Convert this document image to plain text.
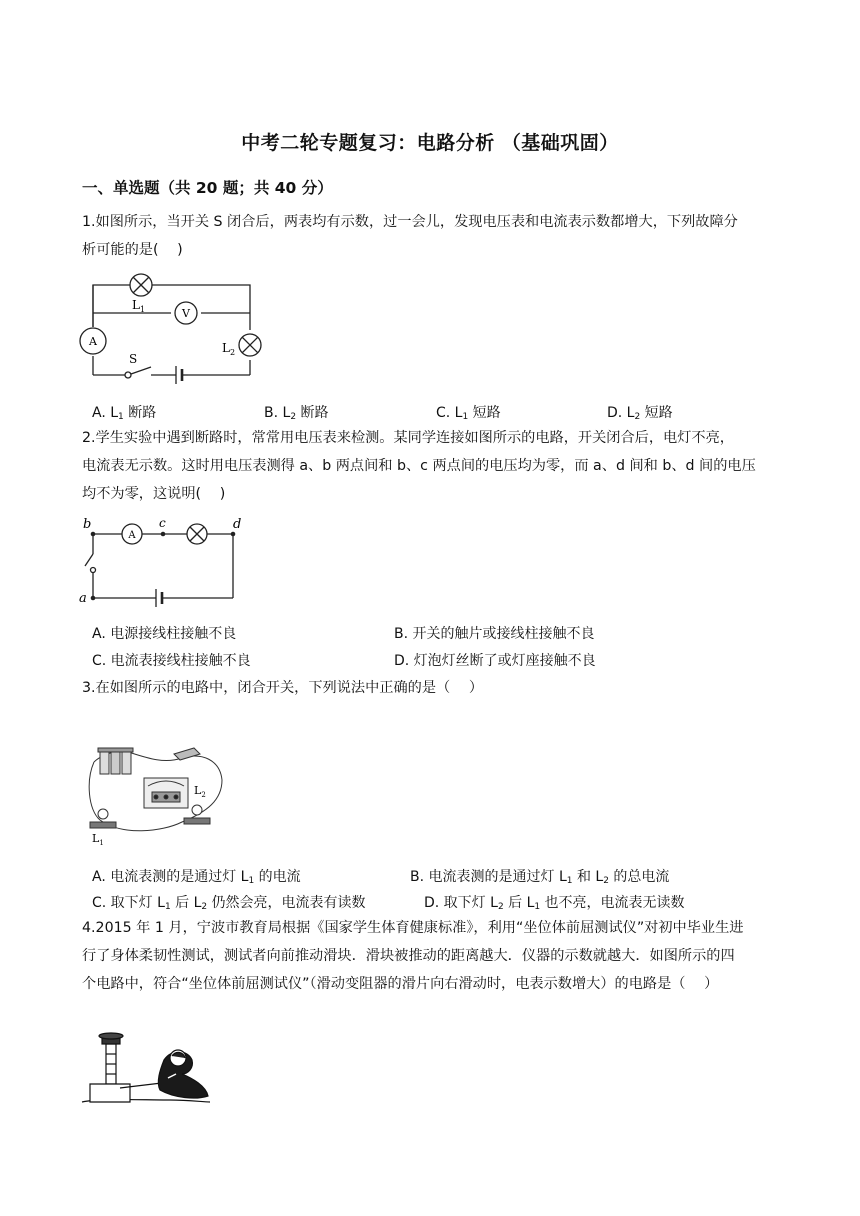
中考二轮专题复习：电路分析 （基础巩固）
一、单选题（共 20 题；共 40 分）
1.如图所示，当开关 S 闭合后，两表均有示数，过一会儿，发现电压表和电流表示数都增大，下列故障分
析可能的是(　 )
$L_1$	V
A	$L_2$
S
A. $L_1$ 断路	B. $L_2$ 断路	C. $L_1$ 短路	D. $L_2$ 短路
2.学生实验中遇到断路时，常常用电压表来检测。某同学连接如图所示的电路，开关闭合后，电灯不亮，
电流表无示数。这时用电压表测得 a、b 两点间和 b、c 两点间的电压均为零，而 a、d 间和 b、d 间的电压
均不为零，这说明(　 )
b
A
c	d
a
A. 电源接线柱接触不良	B. 开关的触片或接线柱接触不良
C. 电流表接线柱接触不良	D. 灯泡灯丝断了或灯座接触不良
3.在如图所示的电路中，闭合开关，下列说法中正确的是（　 ）
$L_2$
$L_1$
A. 电流表测的是通过灯 $L_1$ 的电流	B. 电流表测的是通过灯 $L_1$ 和 $L_2$ 的总电流
C. 取下灯 $L_1$ 后 $L_2$ 仍然会亮，电流表有读数	D. 取下灯 $L_2$ 后 $L_1$ 也不亮，电流表无读数
4.2015 年 1 月，宁波市教育局根据《国家学生体育健康标准》，利用“坐位体前屈测试仪”对初中毕业生进
行了身体柔韧性测试，测试者向前推动滑块．滑块被推动的距离越大．仪器的示数就越大．如图所示的四
个电路中，符合“坐位体前屈测试仪”（滑动变阻器的滑片向右滑动时，电表示数增大）的电路是（　 ）
